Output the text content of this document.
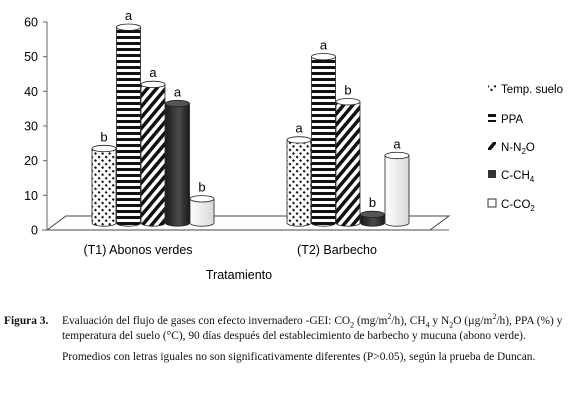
0
10
20
30
40
50
60
b
a
a
a
b
a
a
b
b
a
(T1) Abonos verdes	(T2) Barbecho
Tratamiento
Temp. suelo
PPA
$N-N_2O$
$C-CH_4$
$C-CO_2$
Figura 3.	Evaluación del flujo de gases con efecto invernadero -GEI: $CO_2$ $(mg/m^2/h)$, $CH_4$ y $N_2O$ $(\mu g/m^2/h)$, PPA (%) y temperatura del suelo (°C), 90 días después del establecimiento de barbecho y mucuna (abono verde).
Promedios con letras iguales no son significativamente diferentes (P>0.05), según la prueba de Duncan.
